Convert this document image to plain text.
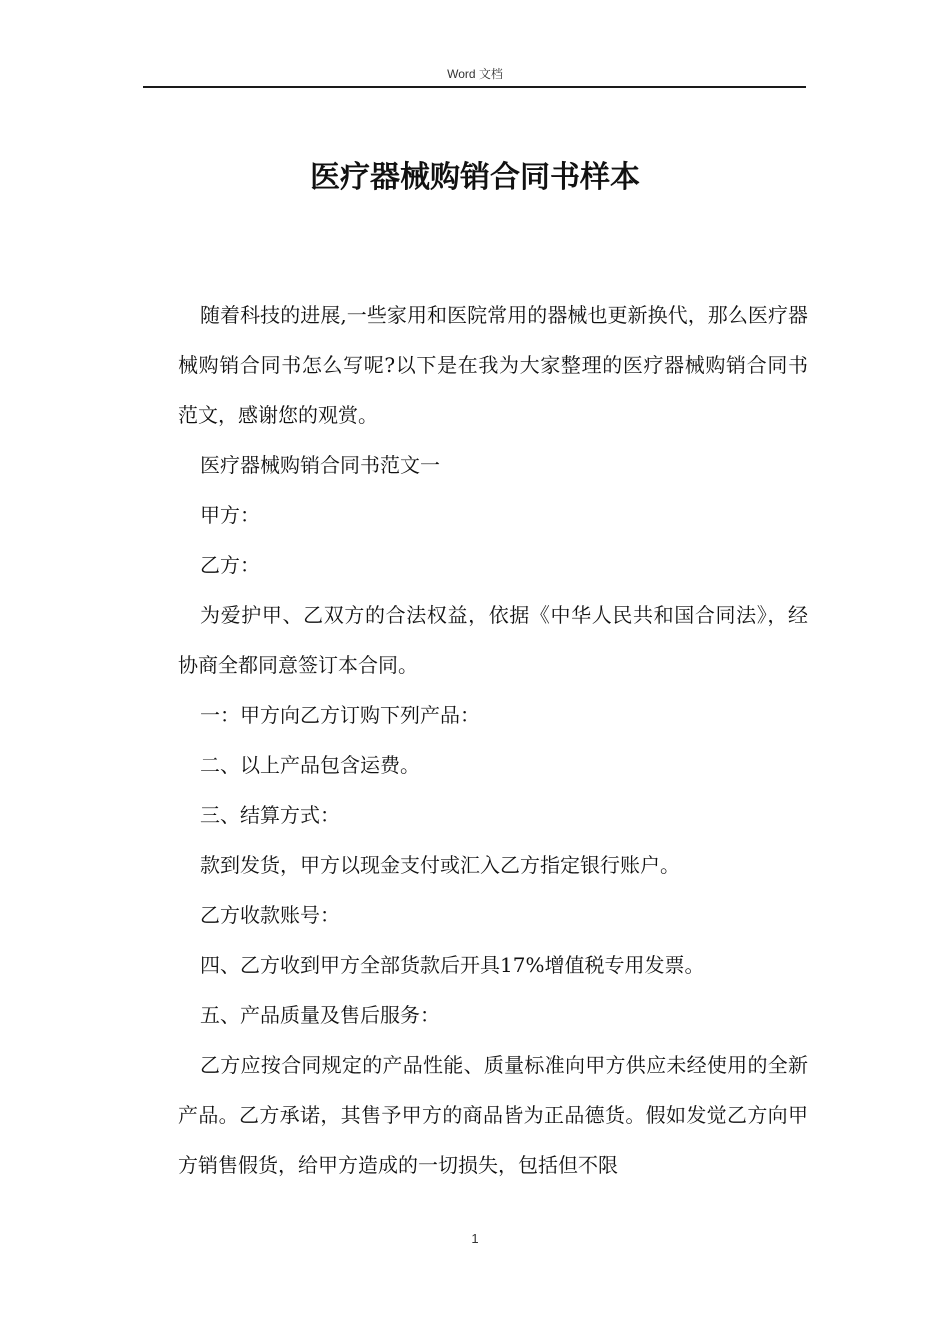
Word 文档
医疗器械购销合同书样本

随着科技的进展,一些家用和医院常用的器械也更新换代，那么医疗器械购销合同书怎么写呢?以下是在我为大家整理的医疗器械购销合同书范文，感谢您的观赏。

医疗器械购销合同书范文一

甲方：

乙方：

为爱护甲、乙双方的合法权益，依据《中华人民共和国合同法》，经协商全都同意签订本合同。

一：甲方向乙方订购下列产品：

二、以上产品包含运费。

三、结算方式：

款到发货，甲方以现金支付或汇入乙方指定银行账户。

乙方收款账号：

四、乙方收到甲方全部货款后开具17%增值税专用发票。

五、产品质量及售后服务：

乙方应按合同规定的产品性能、质量标准向甲方供应未经使用的全新产品。乙方承诺，其售予甲方的商品皆为正品德货。假如发觉乙方向甲方销售假货，给甲方造成的一切损失，包括但不限

1
